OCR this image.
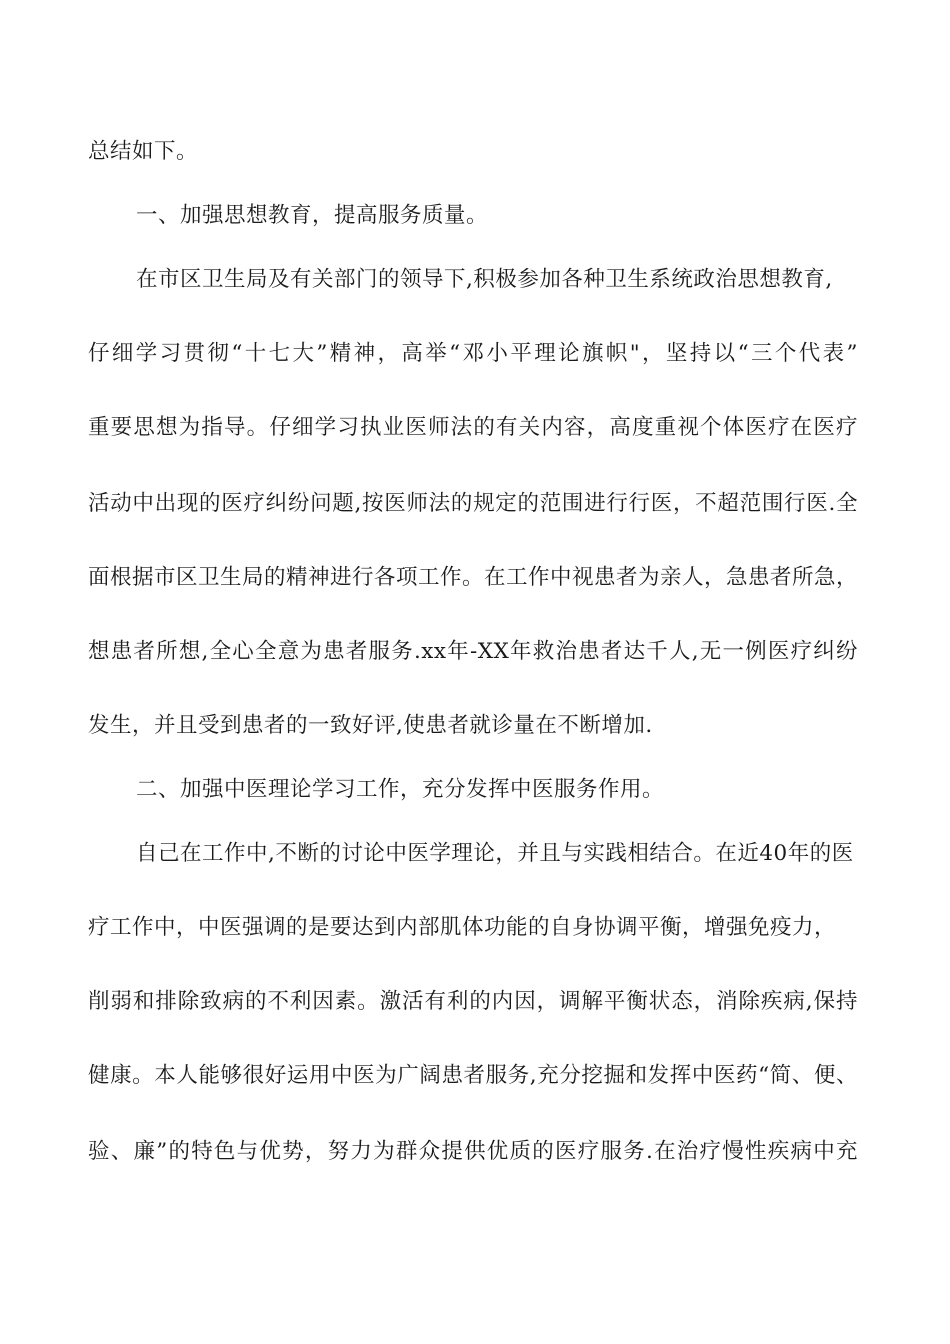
总结如下。
一、加强思想教育，提高服务质量。
在市区卫生局及有关部门的领导下,积极参加各种卫生系统政治思想教育,
仔细学习贯彻“十七大”精神，高举“邓小平理论旗帜"，坚持以“三个代表”
重要思想为指导。仔细学习执业医师法的有关内容，高度重视个体医疗在医疗
活动中出现的医疗纠纷问题,按医师法的规定的范围进行行医，不超范围行医.全
面根据市区卫生局的精神进行各项工作。在工作中视患者为亲人，急患者所急，
想患者所想,全心全意为患者服务.xx年-XX年救治患者达千人,无一例医疗纠纷
发生，并且受到患者的一致好评,使患者就诊量在不断增加.
二、加强中医理论学习工作，充分发挥中医服务作用。
自己在工作中,不断的讨论中医学理论，并且与实践相结合。在近40年的医
疗工作中，中医强调的是要达到内部肌体功能的自身协调平衡，增强免疫力，
削弱和排除致病的不利因素。激活有利的内因，调解平衡状态，消除疾病,保持
健康。本人能够很好运用中医为广阔患者服务,充分挖掘和发挥中医药“简、便、
验、廉”的特色与优势，努力为群众提供优质的医疗服务.在治疗慢性疾病中充
